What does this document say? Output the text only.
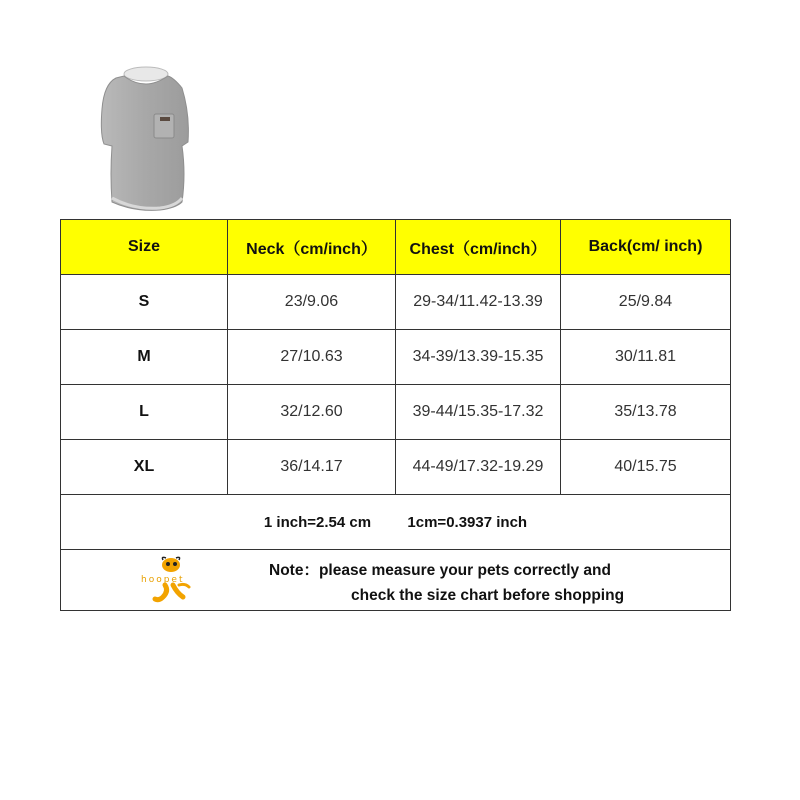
Size	Neck（cm/inch）	Chest（cm/inch）	Back(cm/ inch)
S	23/9.06	29-34/11.42-13.39	25/9.84
M	27/10.63	34-39/13.39-15.35	30/11.81
L	32/12.60	39-44/15.35-17.32	35/13.78
XL	36/14.17	44-49/17.32-19.29	40/15.75
1 inch=2.54 cm 1cm=0.3937 inch			

hoopet
Note：please measure your pets correctly and
check the size chart before shopping			
